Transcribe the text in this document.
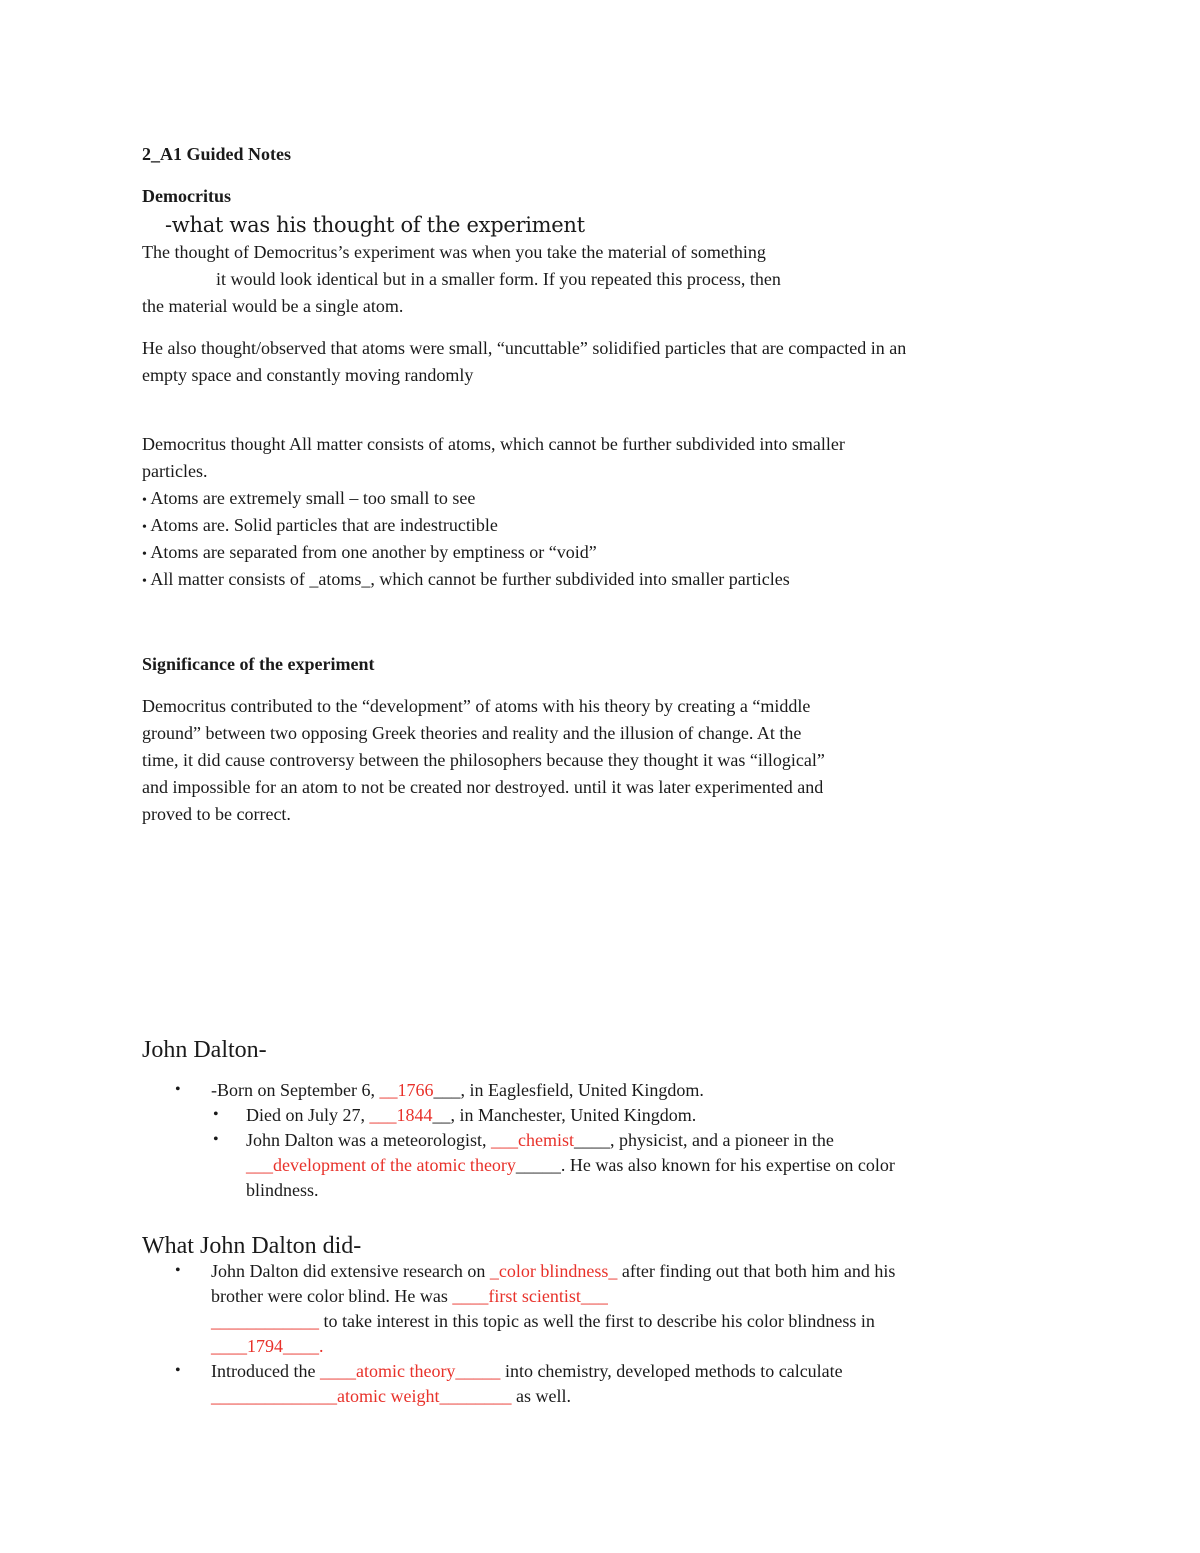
2_A1 Guided Notes
Democritus
-what was his thought of the experiment
The thought of Democritus’s experiment was when you take the material of something
it would look identical but in a smaller form. If you repeated this process, then
the material would be a single atom.
He also thought/observed that atoms were small, “uncuttable” solidified particles that are compacted in an
empty space and constantly moving randomly
Democritus thought All matter consists of atoms, which cannot be further subdivided into smaller
particles.
• Atoms are extremely small – too small to see
• Atoms are. Solid particles that are indestructible
• Atoms are separated from one another by emptiness or “void”
• All matter consists of _atoms_, which cannot be further subdivided into smaller particles
Significance of the experiment
Democritus contributed to the “development” of atoms with his theory by creating a “middle
ground” between two opposing Greek theories and reality and the illusion of change. At the
time, it did cause controversy between the philosophers because they thought it was “illogical”
and impossible for an atom to not be created nor destroyed. until it was later experimented and
proved to be correct.
John Dalton-
• -Born on September 6, __1766___, in Eaglesfield, United Kingdom.
• Died on July 27, ___1844__, in Manchester, United Kingdom.
• John Dalton was a meteorologist, ___chemist____, physicist, and a pioneer in the
___development of the atomic theory_____. He was also known for his expertise on color
blindness.
What John Dalton did-
• John Dalton did extensive research on _color blindness_ after finding out that both him and his
brother were color blind. He was ____first scientist___
____________ to take interest in this topic as well the first to describe his color blindness in
____1794____.
• Introduced the ____atomic theory_____ into chemistry, developed methods to calculate
______________atomic weight________ as well.
